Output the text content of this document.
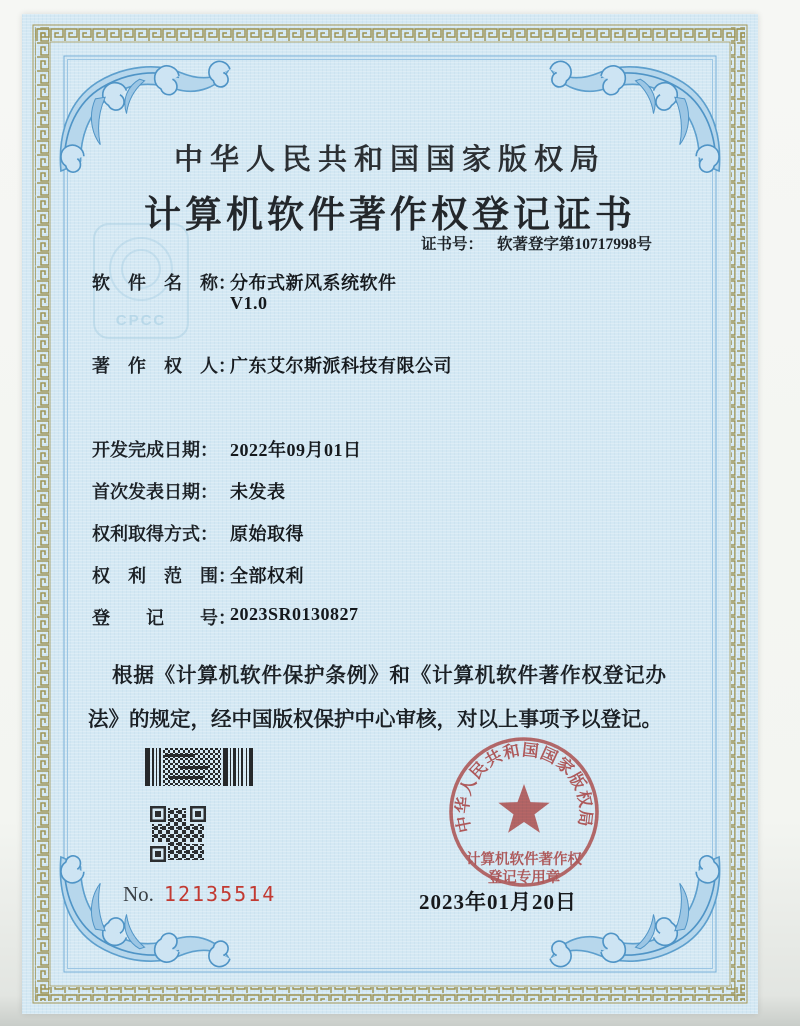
CPCC
中华人民共和国国家版权局
计算机软件著作权登记证书
证书号： 软著登字第10717998号
软　件　名　称：
分布式新风系统软件
V1.0
著　作　权　人：
广东艾尔斯派科技有限公司
开发完成日期： 2022年09月01日
首次发表日期： 未发表
权利取得方式： 原始取得
权　利　范　围：
全部权利
登　　记　　号：
2023SR0130827
根据《计算机软件保护条例》和《计算机软件著作权登记办法》的规定，经中国版权保护中心审核，对以上事项予以登记。
No. 12135514
中华人民共和国国家版权局
计算机软件著作权
登记专用章
2023年01月20日
